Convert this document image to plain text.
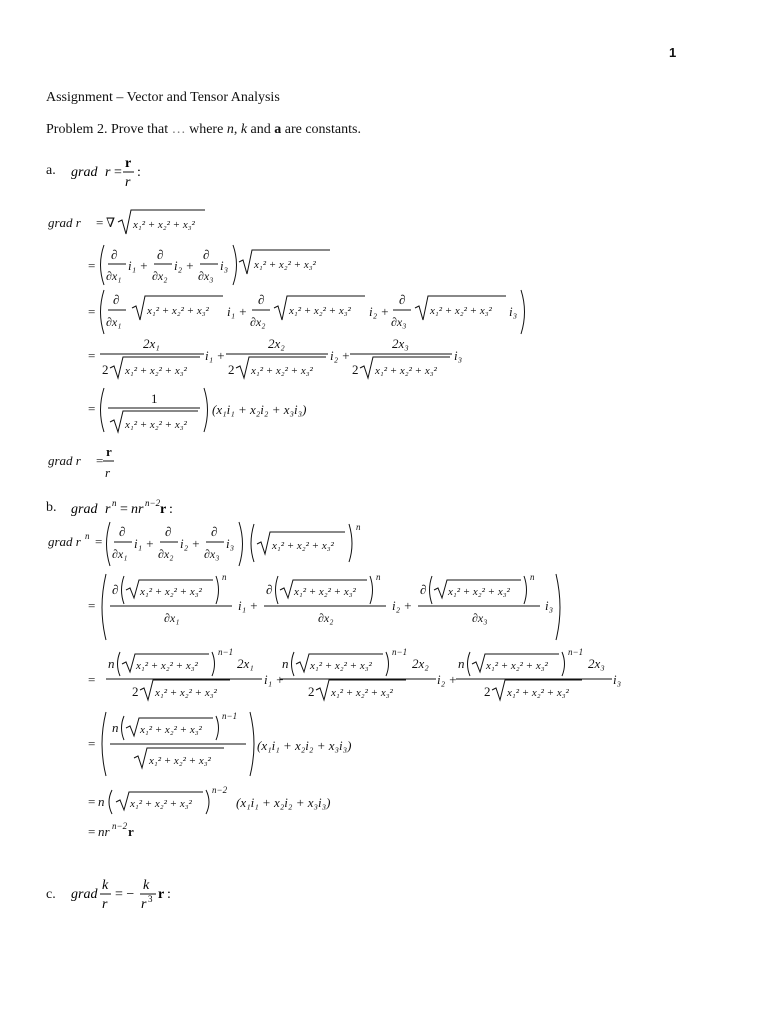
1
Assignment – Vector and Tensor Analysis
Problem 2. Prove that … where n, k and a are constants.
a. grad r =
r
r
:
grad r = ∇ x₁² + x₂² + x₃²
=
∂
∂x₁
i₁ +
∂
∂x₂
i₂ +
∂
∂x₃
i₃ x₁² + x₂² + x₃²
=
∂
∂x₁
x₁² + x₂² + x₃² i₁ +
∂
∂x₂
x₁² + x₂² + x₃² i₂ +
∂
∂x₃
x₁² + x₂² + x₃² i₃
=
2x₁
2 x₁² + x₂² + x₃²
i₁ +
2x₂
2 x₁² + x₂² + x₃²
i₂ +
2x₃
2 x₁² + x₂² + x₃²
i₃
=
1
x₁² + x₂² + x₃²
(x₁i₁ + x₂i₂ + x₃i₃)
grad r =
r
r
b. grad r n = nr n−2 r :
grad r n =
∂
∂x₁
i₁ +
∂
∂x₂
i₂ +
∂
∂x₃
i₃	x₁² + x₂² + x₃²
n
=
∂ x₁² + x₂² + x₃²
n
∂x₁
i₁ +
∂ x₁² + x₂² + x₃²
n
∂x₂
i₂ +
∂ x₁² + x₂² + x₃²
n
∂x₃
i₃
=
n x₁² + x₂² + x₃²
n−1
2x₁
2 x₁² + x₂² + x₃²
i₁ +
n x₁² + x₂² + x₃²
n−1
2x₂
2 x₁² + x₂² + x₃²
i₂ +
n x₁² + x₂² + x₃²
n−1
2x₃
2 x₁² + x₂² + x₃²
i₃
=
n x₁² + x₂² + x₃²
n−1
x₁² + x₂² + x₃²
(x₁i₁ + x₂i₂ + x₃i₃)
= n x₁² + x₂² + x₃²
n−2
(x₁i₁ + x₂i₂ + x₃i₃)
= nr n−2 r
c. grad
k
r
= −
k
r 3 r :
